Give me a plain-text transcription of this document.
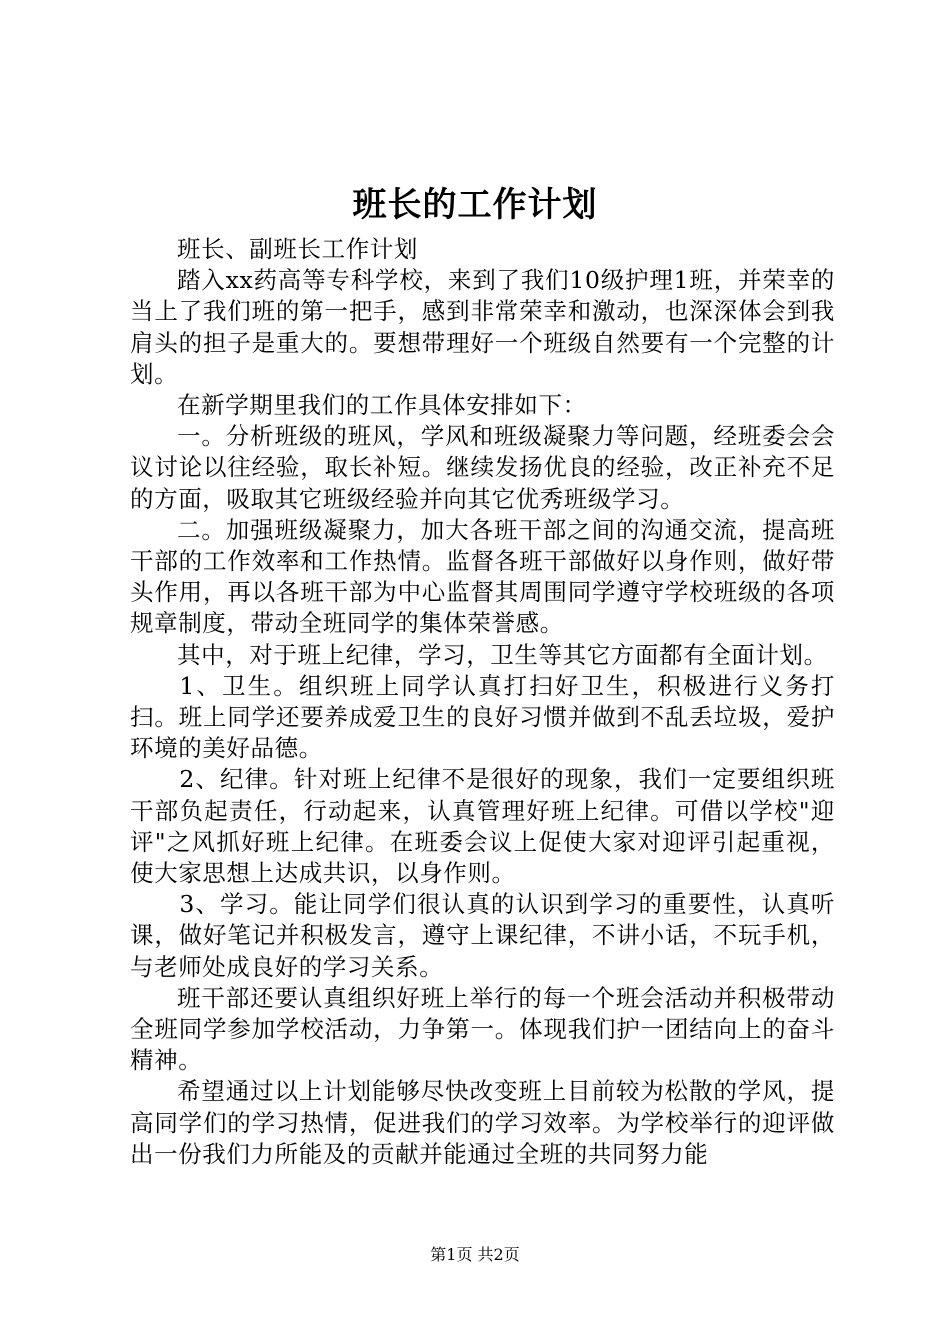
班长的工作计划

班长、副班长工作计划

踏入xx药高等专科学校，来到了我们10级护理1班，并荣幸的当上了我们班的第一把手，感到非常荣幸和激动，也深深体会到我肩头的担子是重大的。要想带理好一个班级自然要有一个完整的计划。

在新学期里我们的工作具体安排如下：

一。分析班级的班风，学风和班级凝聚力等问题，经班委会会议讨论以往经验，取长补短。继续发扬优良的经验，改正补充不足的方面，吸取其它班级经验并向其它优秀班级学习。

二。加强班级凝聚力，加大各班干部之间的沟通交流，提高班干部的工作效率和工作热情。监督各班干部做好以身作则，做好带头作用，再以各班干部为中心监督其周围同学遵守学校班级的各项规章制度，带动全班同学的集体荣誉感。

其中，对于班上纪律，学习，卫生等其它方面都有全面计划。

1、卫生。组织班上同学认真打扫好卫生，积极进行义务打扫。班上同学还要养成爱卫生的良好习惯并做到不乱丢垃圾，爱护环境的美好品德。

2、纪律。针对班上纪律不是很好的现象，我们一定要组织班干部负起责任，行动起来，认真管理好班上纪律。可借以学校"迎评"之风抓好班上纪律。在班委会议上促使大家对迎评引起重视，使大家思想上达成共识，以身作则。

3、学习。能让同学们很认真的认识到学习的重要性，认真听课，做好笔记并积极发言，遵守上课纪律，不讲小话，不玩手机，与老师处成良好的学习关系。

班干部还要认真组织好班上举行的每一个班会活动并积极带动全班同学参加学校活动，力争第一。体现我们护一团结向上的奋斗精神。

希望通过以上计划能够尽快改变班上目前较为松散的学风，提高同学们的学习热情，促进我们的学习效率。为学校举行的迎评做出一份我们力所能及的贡献并能通过全班的共同努力能

第1页 共2页
